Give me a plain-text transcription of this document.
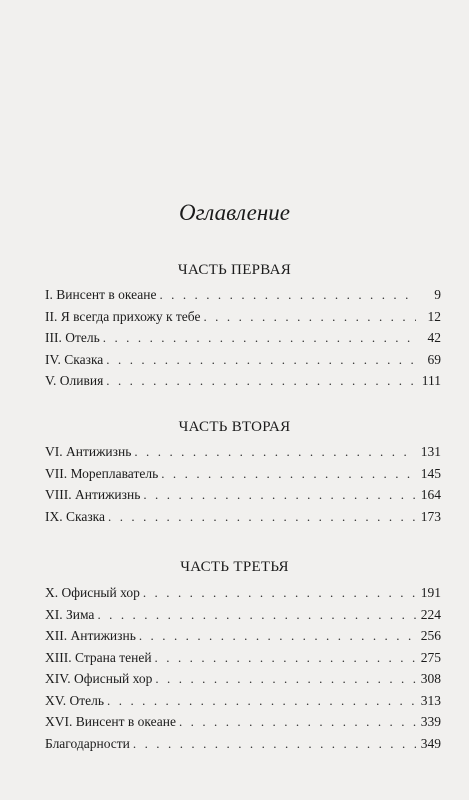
Оглавление
ЧАСТЬ ПЕРВАЯ
I. Винсент в океане . . .	9
II. Я всегда прихожу к тебе . . .	12
III. Отель . . .	42
IV. Сказка . . .	69
V. Оливия . . .	111
ЧАСТЬ ВТОРАЯ
VI. Антижизнь . . .	131
VII. Мореплаватель . . .	145
VIII. Антижизнь . . .	164
IX. Сказка . . .	173
ЧАСТЬ ТРЕТЬЯ
X. Офисный хор . . .	191
XI. Зима . . .	224
XII. Антижизнь . . .	256
XIII. Страна теней . . .	275
XIV. Офисный хор . . .	308
XV. Отель . . .	313
XVI. Винсент в океане . . .	339
Благодарности . . .	349
